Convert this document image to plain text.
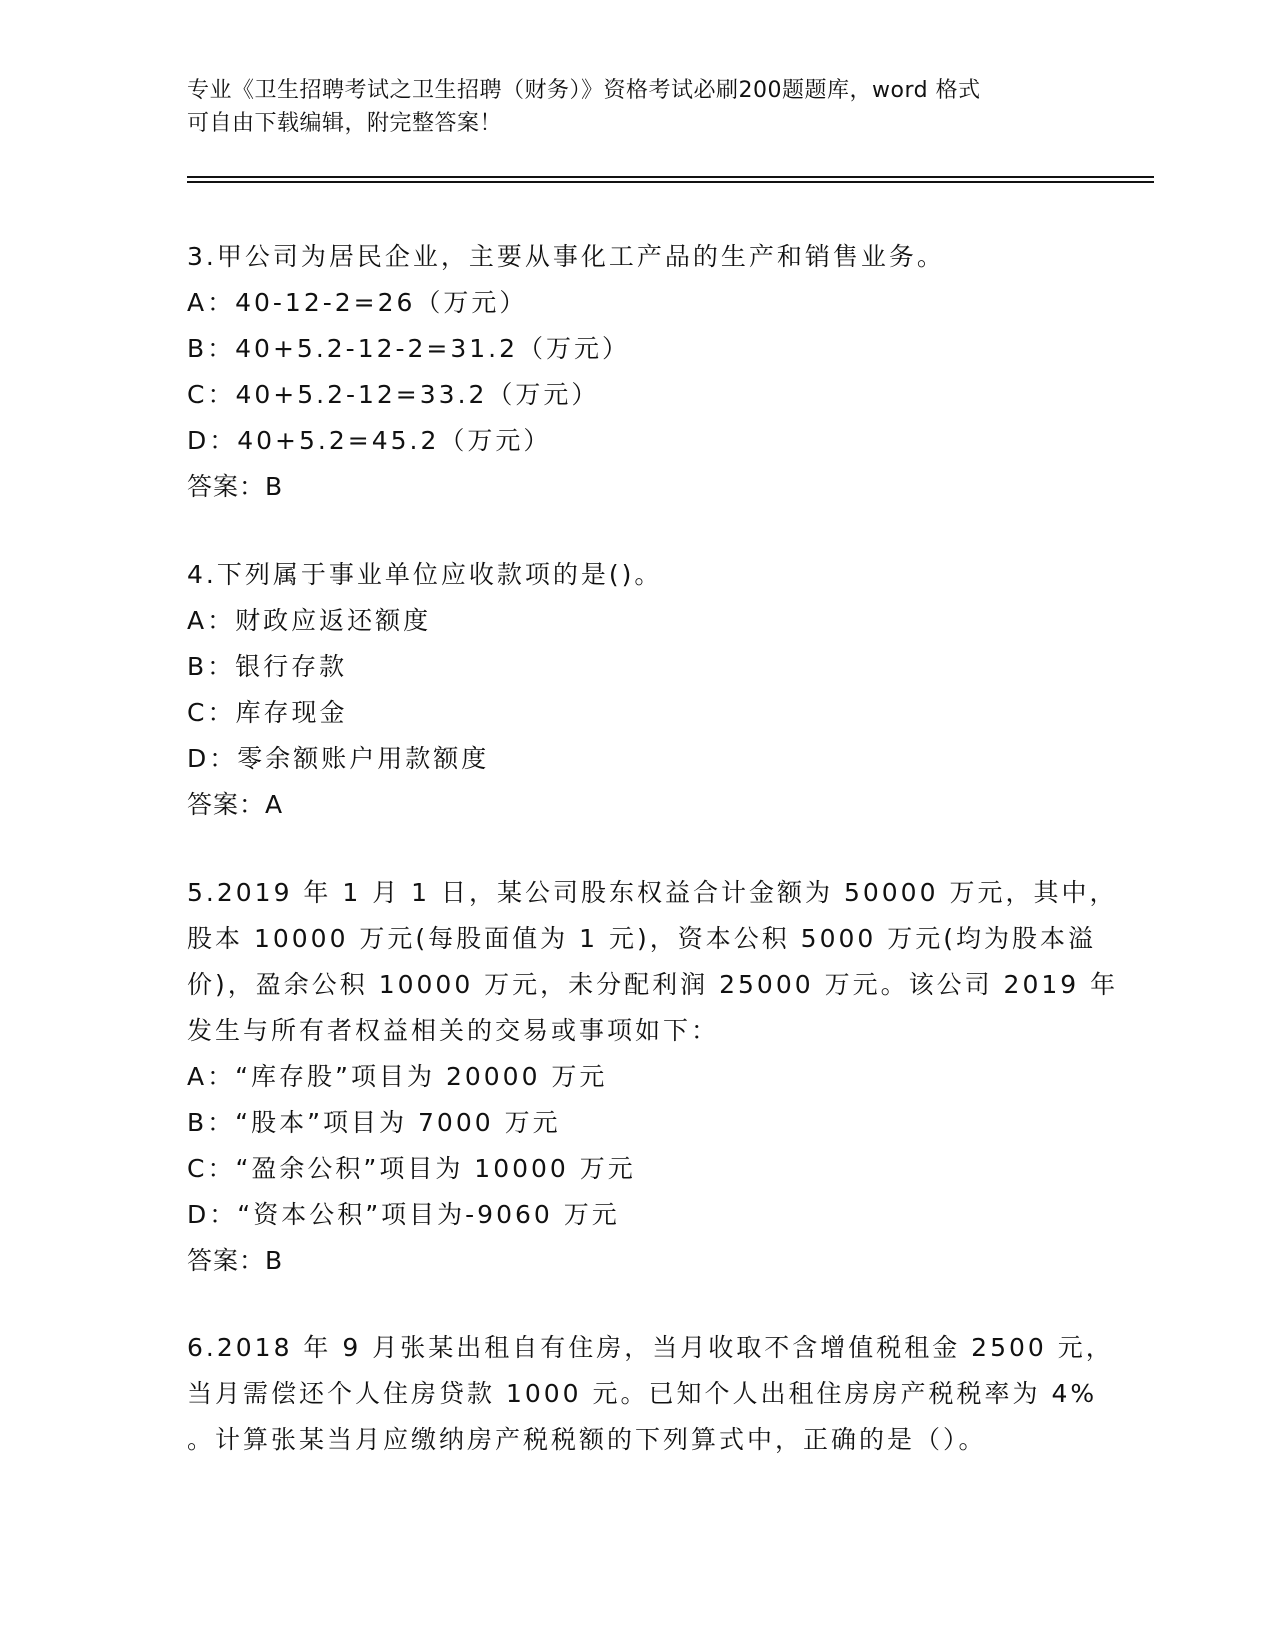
专业《卫生招聘考试之卫生招聘（财务）》资格考试必刷200题题库，word 格式
可自由下载编辑，附完整答案！
3.甲公司为居民企业，主要从事化工产品的生产和销售业务。
A：40-12-2=26（万元）
B：40+5.2-12-2=31.2（万元）
C：40+5.2-12=33.2（万元）
D：40+5.2=45.2（万元）
答案：B
4.下列属于事业单位应收款项的是()。
A：财政应返还额度
B：银行存款
C：库存现金
D：零余额账户用款额度
答案：A
5.2019 年 1 月 1 日，某公司股东权益合计金额为 50000 万元，其中，
股本 10000 万元(每股面值为 1 元)，资本公积 5000 万元(均为股本溢
价)，盈余公积 10000 万元，未分配利润 25000 万元。该公司 2019 年
发生与所有者权益相关的交易或事项如下：
A：“库存股”项目为 20000 万元
B：“股本”项目为 7000 万元
C：“盈余公积”项目为 10000 万元
D：“资本公积”项目为-9060 万元
答案：B
6.2018 年 9 月张某出租自有住房，当月收取不含增值税租金 2500 元，
当月需偿还个人住房贷款 1000 元。已知个人出租住房房产税税率为 4%
。计算张某当月应缴纳房产税税额的下列算式中，正确的是（）。
